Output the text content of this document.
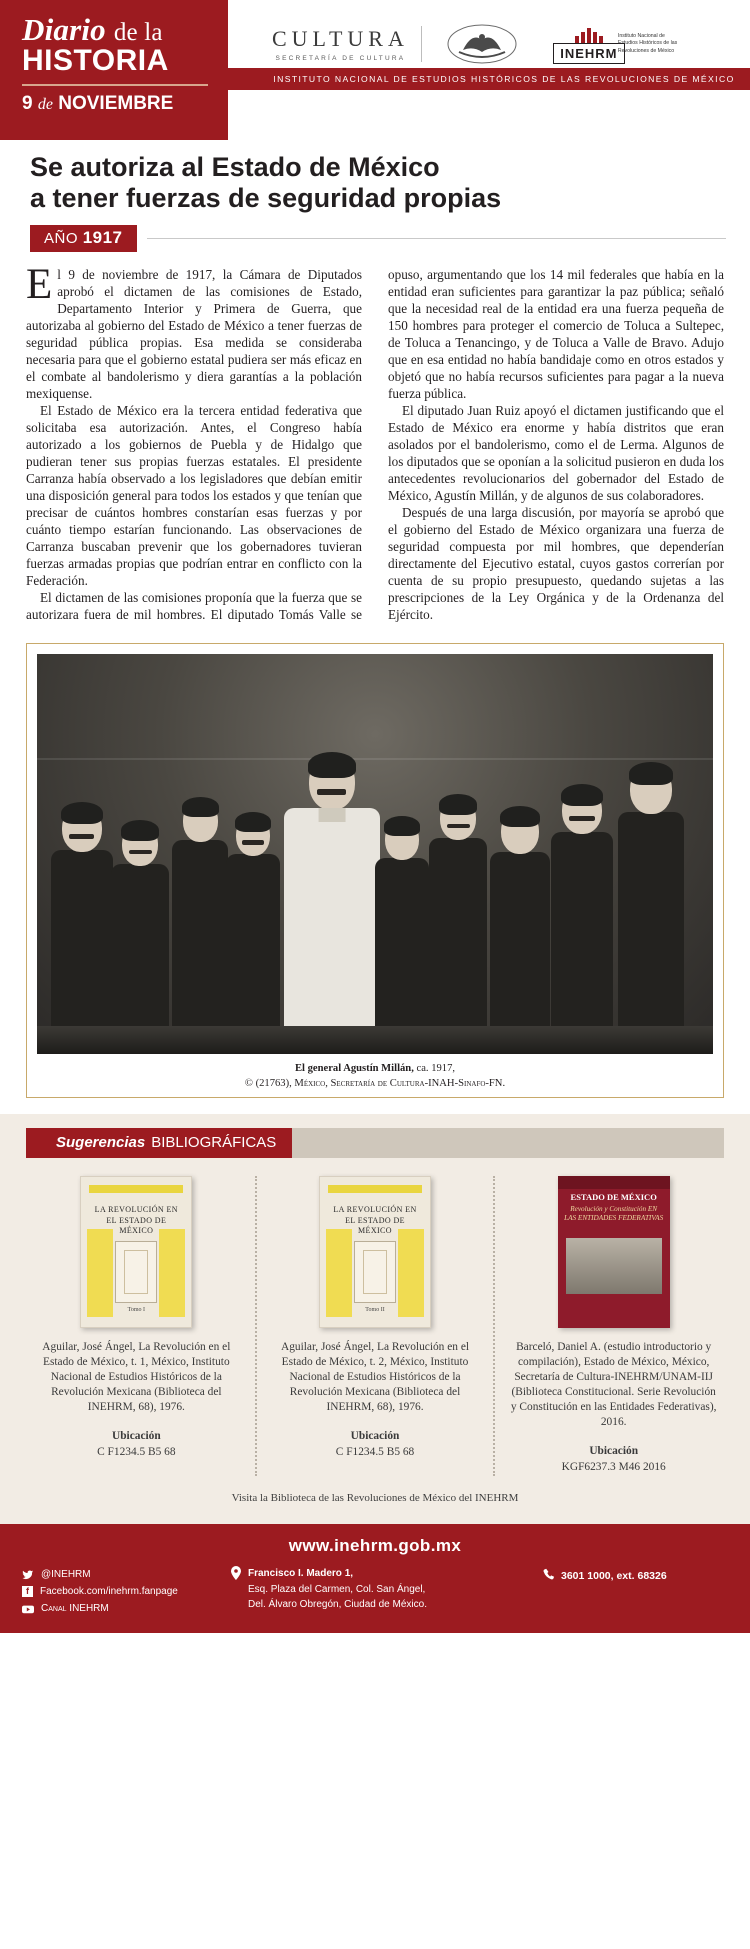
Diario de la
HISTORIA
9 de NOVIEMBRE
CULTURA
SECRETARÍA DE CULTURA	INEHRM
Instituto Nacional de
Estudios Históricos de las
Revoluciones de México
INSTITUTO NACIONAL DE ESTUDIOS HISTÓRICOS DE LAS REVOLUCIONES DE MÉXICO
Se autoriza al Estado de México
a tener fuerzas de seguridad propias
AÑO 1917

El 9 de noviembre de 1917, la Cámara de Diputados aprobó el dictamen de las comisiones de Estado, Departamento Interior y Primera de Guerra, que autorizaba al gobierno del Estado de México a tener fuerzas de seguridad pública propias. Esa medida se consideraba necesaria para que el gobierno estatal pudiera ser más eficaz en el combate al bandolerismo y diera garantías a la población mexiquense.

El Estado de México era la tercera entidad federativa que solicitaba esa autorización. Antes, el Congreso había autorizado a los gobiernos de Puebla y de Hidalgo que pudieran tener sus propias fuerzas estatales. El presidente Carranza había observado a los legisladores que debían emitir una disposición general para todos los estados y que tenían que precisar de cuántos hombres constarían esas fuerzas y por cuánto tiempo estarían funcionando. Las observaciones de Carranza buscaban prevenir que los gobernadores tuvieran fuerzas armadas propias que podrían entrar en conflicto con la Federación.

El dictamen de las comisiones proponía que la fuerza que se autorizara fuera de mil hombres. El diputado Tomás Valle se opuso, argumentando que los 14 mil federales que había en la entidad eran suficientes para garantizar la paz pública; señaló que la necesidad real de la entidad era una fuerza pequeña de 150 hombres para proteger el comercio de Toluca a Sultepec, de Toluca a Tenancingo, y de Toluca a Valle de Bravo. Adujo que en esa entidad no había bandidaje como en otros estados y objetó que no había recursos suficientes para pagar a la nueva fuerza pública.

El diputado Juan Ruiz apoyó el dictamen justificando que el Estado de México era enorme y había distritos que eran asolados por el bandolerismo, como el de Lerma. Algunos de los diputados que se oponían a la solicitud pusieron en duda los antecedentes revolucionarios del gobernador del Estado de México, Agustín Millán, y de algunos de sus colaboradores.

Después de una larga discusión, por mayoría se aprobó que el gobierno del Estado de México organizara una fuerza de seguridad compuesta por mil hombres, que dependerían directamente del Ejecutivo estatal, cuyos gastos correrían por cuenta de su propio presupuesto, quedando sujetas a las prescripciones de la Ley Orgánica y de la Ordenanza del Ejército.

El general Agustín Millán, ca. 1917,
© (21763), México, Secretaría de Cultura-INAH-Sinafo-FN.
Sugerencias BIBLIOGRÁFICAS
LA REVOLUCIÓN EN EL ESTADO DE MÉXICO
Tomo I
Aguilar, José Ángel, La Revolución en el Estado de México, t. 1, México, Instituto Nacional de Estudios Históricos de la Revolución Mexicana (Biblioteca del INEHRM, 68), 1976.
Ubicación
C F1234.5 B5 68
LA REVOLUCIÓN EN EL ESTADO DE MÉXICO
Tomo II
Aguilar, José Ángel, La Revolución en el Estado de México, t. 2, México, Instituto Nacional de Estudios Históricos de la Revolución Mexicana (Biblioteca del INEHRM, 68), 1976.
Ubicación
C F1234.5 B5 68
ESTADO DE MÉXICO
Revolución y Constitución EN LAS ENTIDADES FEDERATIVAS
Barceló, Daniel A. (estudio introductorio y compilación), Estado de México, México, Secretaría de Cultura-INEHRM/UNAM-IIJ (Biblioteca Constitucional. Serie Revolución y Constitución en las Entidades Federativas), 2016.
Ubicación
KGF6237.3 M46 2016
Visita la Biblioteca de las Revoluciones de México del INEHRM
www.inehrm.gob.mx
@INEHRM
f	Facebook.com/inehrm.fanpage
Canal INEHRM
Francisco I. Madero 1,
Esq. Plaza del Carmen, Col. San Ángel,
Del. Álvaro Obregón, Ciudad de México.
3601 1000, ext. 68326
